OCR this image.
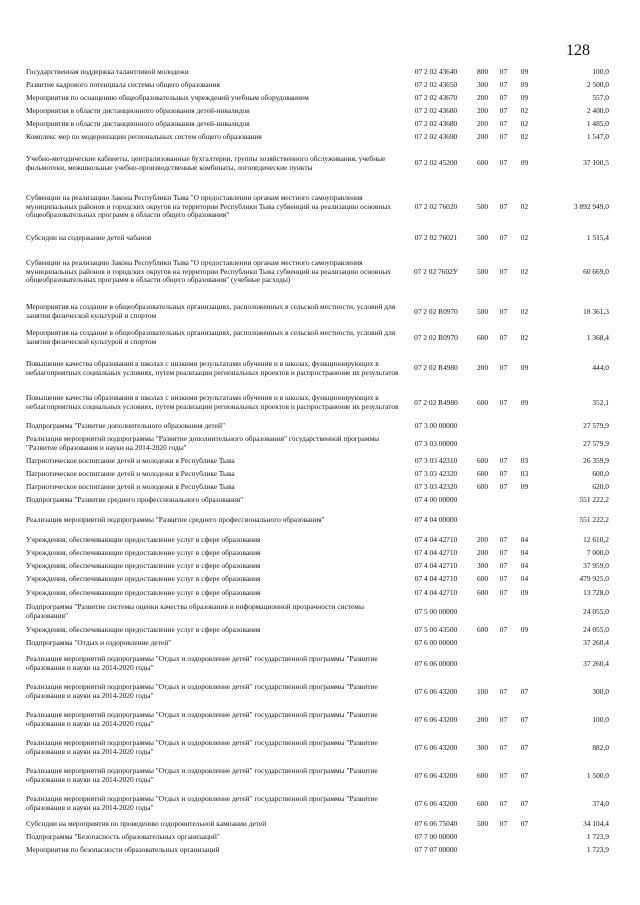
128
Государственная поддержка талантливой молодежи	07 2 02 43640	800	07	09	100,0
Развитие кадрового потенциала системы общего образования	07 2 02 43650	300	07	09	2 500,0
Мероприятия по оснащению общеобразовательных учреждений учебным оборудованием	07 2 02 43670	200	07	09	557,0
Мероприятия в области дистанционного образования детей-инвалидов	07 2 02 43680	200	07	02	2 400,0
Мероприятия в области дистанционного образования детей-инвалидов	07 2 02 43680	200	07	02	1 485,0
Комплекс мер по модернизации региональных систем общего образования	07 2 02 43690	200	07	02	1 547,0
Учебно-методические кабинеты, централизованные бухгалтерии, группы хозяйственного обслуживания, учебные фильмотеки, межшкольные учебно-производственные комбинаты, логопедические пункты	07 2 02 45200	600	07	09	37 100,5
Субвенции на реализацию Закона Республики Тыва "О предоставлении органам местного самоуправления муниципальных районов и городских округов на территории Республики Тыва субвенций на реализацию основных общеобразовательных программ в области общего образования"	07 2 02 76020	500	07	02	3 892 949,0
Субсидии на содержание детей чабанов	07 2 02 76021	500	07	02	1 515,4
Субвенции на реализацию Закона Республики Тыва "О предоставлении органам местного самоуправления муниципальных районов и городских округов на территории Республики Тыва субвенций на реализацию основных общеобразовательных программ в области общего образования" (учебные расходы)	07 2 02 7602У	500	07	02	60 669,0
Мероприятия на создание в общеобразовательных организациях, расположенных в сельской местности, условий для занятия физической культурой и спортом	07 2 02 R0970	500	07	02	18 361,3
Мероприятия на создание в общеобразовательных организациях, расположенных в сельской местности, условий для занятия физической культурой и спортом	07 2 02 R0970	600	07	02	1 368,4
Повышение качества образования в школах с низкими результатами обучения и в школах, функционирующих в неблагоприятных социальных условиях, путем реализации региональных проектов и распространение их результатов	07 2 02 R4980	200	07	09	444,0
Повышение качества образования в школах с низкими результатами обучения и в школах, функционирующих в неблагоприятных социальных условиях, путем реализации региональных проектов и распространение их результатов	07 2 02 R4980	600	07	09	352,1
Подпрограмма "Развитие дополнительного образования детей"	07 3 00 00000				27 579,9
Реализация мероприятий подпрограммы "Развитие дополнительного образования" государственной программы "Развитие образования и науки на 2014-2020 годы"	07 3 03 00000				27 579,9
Патриотическое воспитание детей и молодежи в Республике Тыва	07 3 03 42310	600	07	03	26 359,9
Патриотическое воспитание детей и молодежи в Республике Тыва	07 3 03 42320	600	07	03	600,0
Патриотическое воспитание детей и молодежи в Республике Тыва	07 3 03 42320	600	07	09	620,0
Подпрограмма "Развитие среднего профессионального образования"	07 4 00 00000				551 222,2
Реализация мероприятий подпрограммы "Развитие среднего профессионального образования"	07 4 04 00000				551 222,2
Учреждения, обеспечивающие предоставление услуг в сфере образования	07 4 04 42710	200	07	04	12 610,2
Учреждения, обеспечивающие предоставление услуг в сфере образования	07 4 04 42710	200	07	04	7 000,0
Учреждения, обеспечивающие предоставление услуг в сфере образования	07 4 04 42710	300	07	04	37 959,0
Учреждения, обеспечивающие предоставление услуг в сфере образования	07 4 04 42710	600	07	04	479 925,0
Учреждения, обеспечивающие предоставление услуг в сфере образования	07 4 04 42710	600	07	09	13 728,0
Подпрограмма "Развитие системы оценки качества образования и информационной прозрачности системы образования"	07 5 00 00000				24 055,0
Учреждения, обеспечивающие предоставление услуг в сфере образования	07 5 00 43500	600	07	09	24 055,0
Подпрограмма "Отдых и оздоровление детей"	07 6 00 00000				37 260,4
Реализация мероприятий подпрограммы "Отдых и оздоровление детей" государственной программы "Развитие образования и науки на 2014-2020 годы"	07 6 06 00000				37 260,4
Реализация мероприятий подпрограммы "Отдых и оздоровление детей" государственной программы "Развитие образования и науки на 2014-2020 годы"	07 6 06 43200	100	07	07	300,0
Реализация мероприятий подпрограммы "Отдых и оздоровление детей" государственной программы "Развитие образования и науки на 2014-2020 годы"	07 6 06 43200	200	07	07	100,0
Реализация мероприятий подпрограммы "Отдых и оздоровление детей" государственной программы "Развитие образования и науки на 2014-2020 годы"	07 6 06 43200	300	07	07	882,0
Реализация мероприятий подпрограммы "Отдых и оздоровление детей" государственной программы "Развитие образования и науки на 2014-2020 годы"	07 6 06 43200	600	07	07	1 500,0
Реализация мероприятий подпрограммы "Отдых и оздоровление детей" государственной программы "Развитие образования и науки на 2014-2020 годы"	07 6 06 43200	600	07	07	374,0
Субсидии на мероприятия по проведению оздоровительной кампании детей	07 6 06 75040	500	07	07	34 104,4
Подпрограмма "Безопасность образовательных организаций"	07 7 00 00000				1 723,9
Мероприятия по безопасности образовательных организаций	07 7 07 00000				1 723,9
